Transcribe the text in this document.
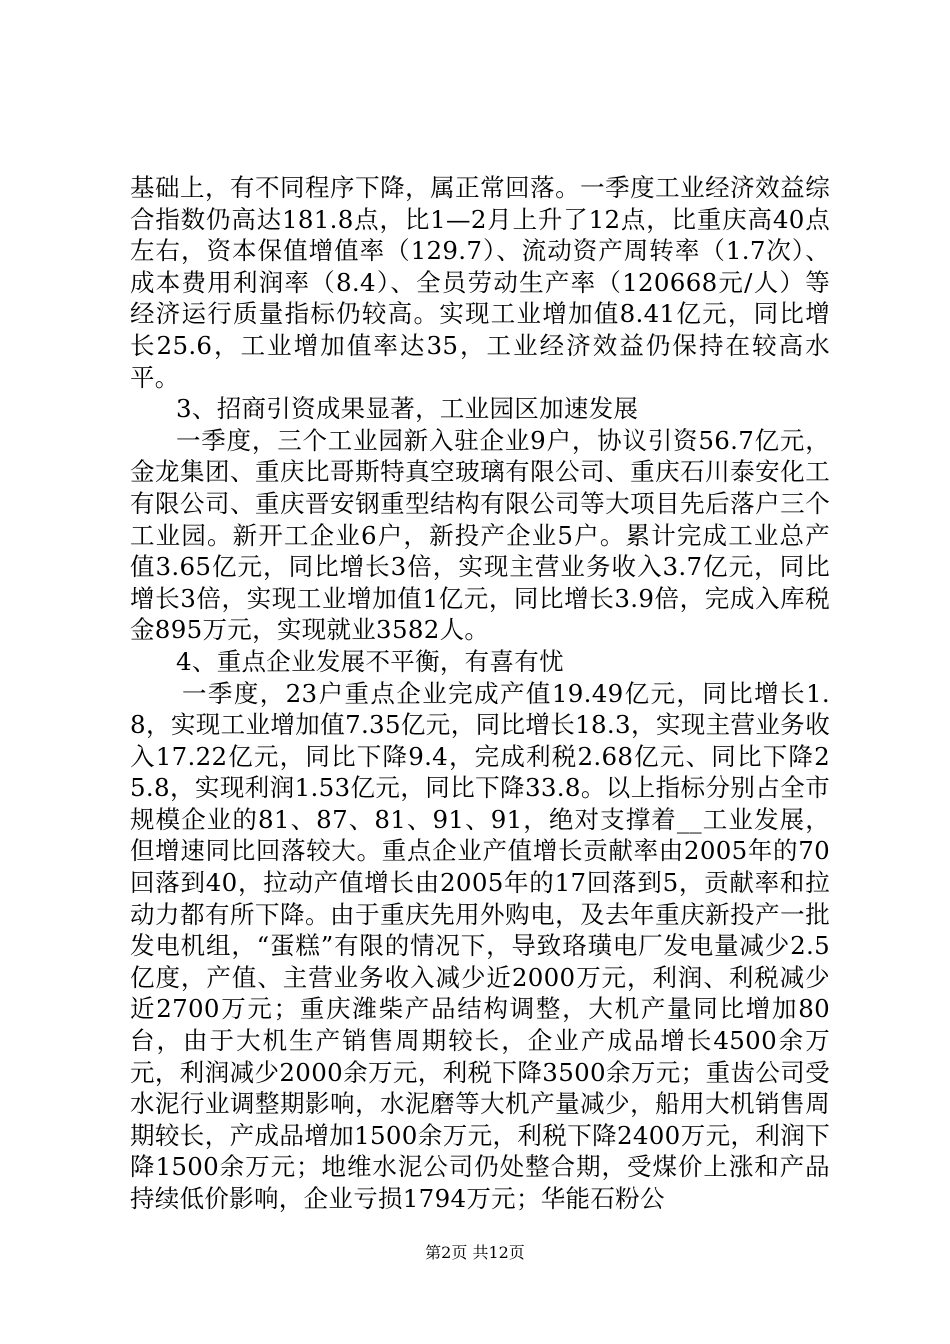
基础上，有不同程序下降，属正常回落。一季度工业经济效益综合指数仍高达181.8点，比1—2月上升了12点，比重庆高40点左右，资本保值增值率（129.7）、流动资产周转率（1.7次）、成本费用利润率（8.4）、全员劳动生产率（120668元/人）等经济运行质量指标仍较高。实现工业增加值8.41亿元，同比增长25.6，工业增加值率达35，工业经济效益仍保持在较高水平。

3、招商引资成果显著，工业园区加速发展

一季度，三个工业园新入驻企业9户，协议引资56.7亿元，金龙集团、重庆比哥斯特真空玻璃有限公司、重庆石川泰安化工有限公司、重庆晋安钢重型结构有限公司等大项目先后落户三个工业园。新开工企业6户，新投产企业5户。累计完成工业总产值3.65亿元，同比增长3倍，实现主营业务收入3.7亿元，同比增长3倍，实现工业增加值1亿元，同比增长3.9倍，完成入库税金895万元，实现就业3582人。

4、重点企业发展不平衡，有喜有忧

一季度，23户重点企业完成产值19.49亿元，同比增长1.8，实现工业增加值7.35亿元，同比增长18.3，实现主营业务收入17.22亿元，同比下降9.4，完成利税2.68亿元、同比下降25.8，实现利润1.53亿元，同比下降33.8。以上指标分别占全市规模企业的81、87、81、91、91，绝对支撑着__工业发展，但增速同比回落较大。重点企业产值增长贡献率由2005年的70回落到40，拉动产值增长由2005年的17回落到5，贡献率和拉动力都有所下降。由于重庆先用外购电，及去年重庆新投产一批发电机组，“蛋糕”有限的情况下，导致珞璜电厂发电量减少2.5亿度，产值、主营业务收入减少近2000万元，利润、利税减少近2700万元；重庆潍柴产品结构调整，大机产量同比增加80台，由于大机生产销售周期较长，企业产成品增长4500余万元，利润减少2000余万元，利税下降3500余万元；重齿公司受水泥行业调整期影响，水泥磨等大机产量减少，船用大机销售周期较长，产成品增加1500余万元，利税下降2400万元，利润下降1500余万元；地维水泥公司仍处整合期，受煤价上涨和产品持续低价影响，企业亏损1794万元；华能石粉公

第2页 共12页
